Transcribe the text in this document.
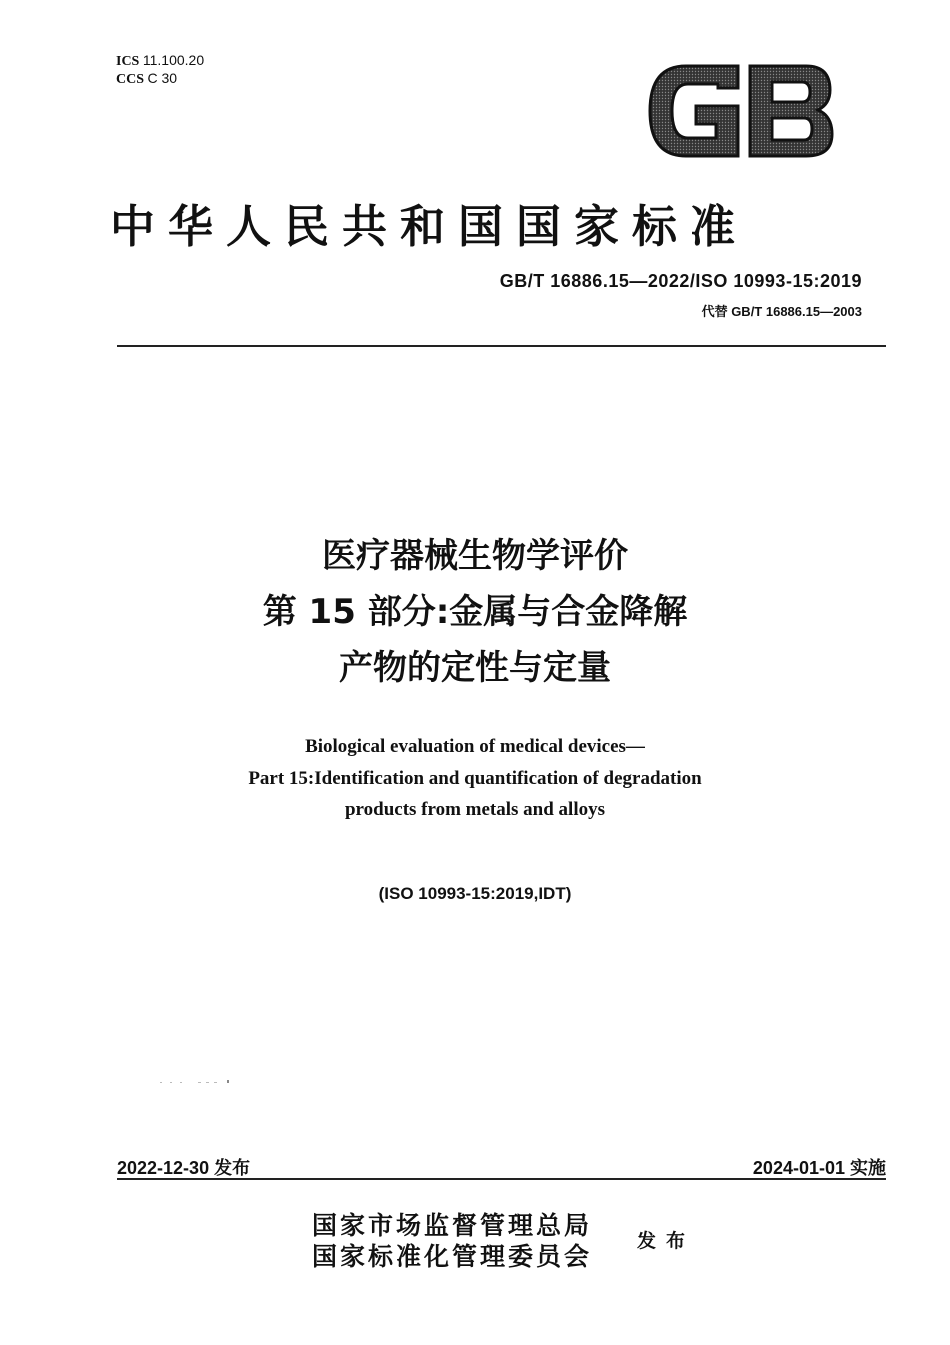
ICS 11.100.20
CCS C 30
中华人民共和国国家标准
GB/T 16886.15—2022/ISO 10993-15:2019
代替 GB/T 16886.15—2003
医疗器械生物学评价
第 15 部分:金属与合金降解
产物的定性与定量
Biological evaluation of medical devices—
Part 15:Identification and quantification of degradation
products from metals and alloys
(ISO 10993-15:2019,IDT)
2022-12-30 发布	2024-01-01 实施
国家市场监督管理总局
国家标准化管理委员会
发布
